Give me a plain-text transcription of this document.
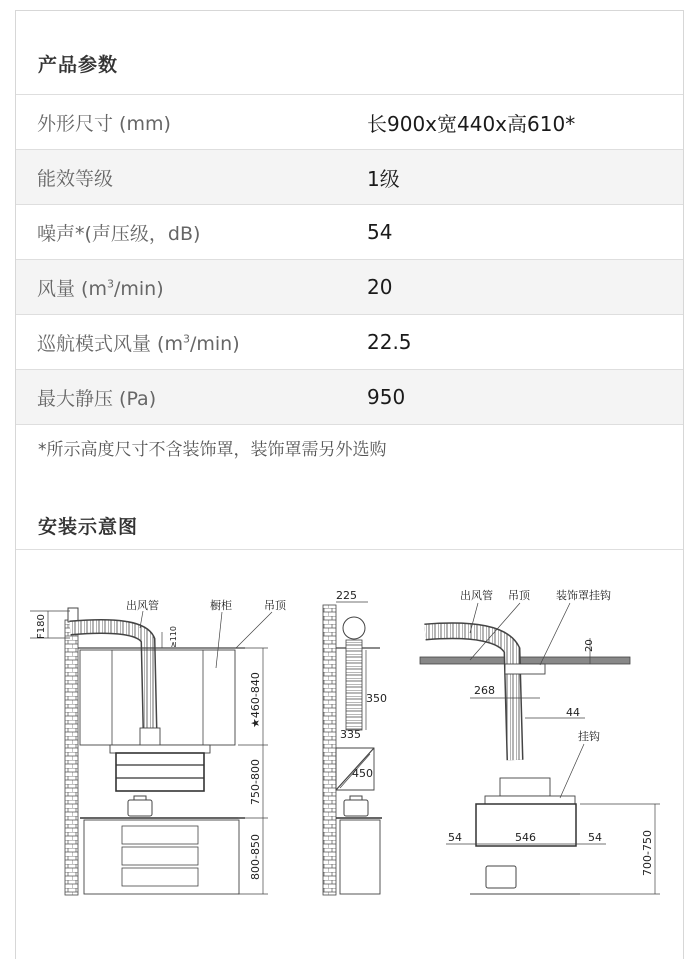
产品参数
外形尺寸 (mm)	长900x宽440x高610*
能效等级	1级
噪声*(声压级，dB)	54
风量 $(m^3/\min)$	20
巡航模式风量 $(m^3/\min)$	22.5
最大静压 (Pa)	950
*所示高度尺寸不含装饰罩，装饰罩需另外选购
安装示意图
F180
出风管
≥110
橱柜	吊顶
★460-840
750-800
800-850
225
350
335
450
出风管 吊顶 装饰罩挂钩
20
268
44
挂钩
54	546	54	700-750
